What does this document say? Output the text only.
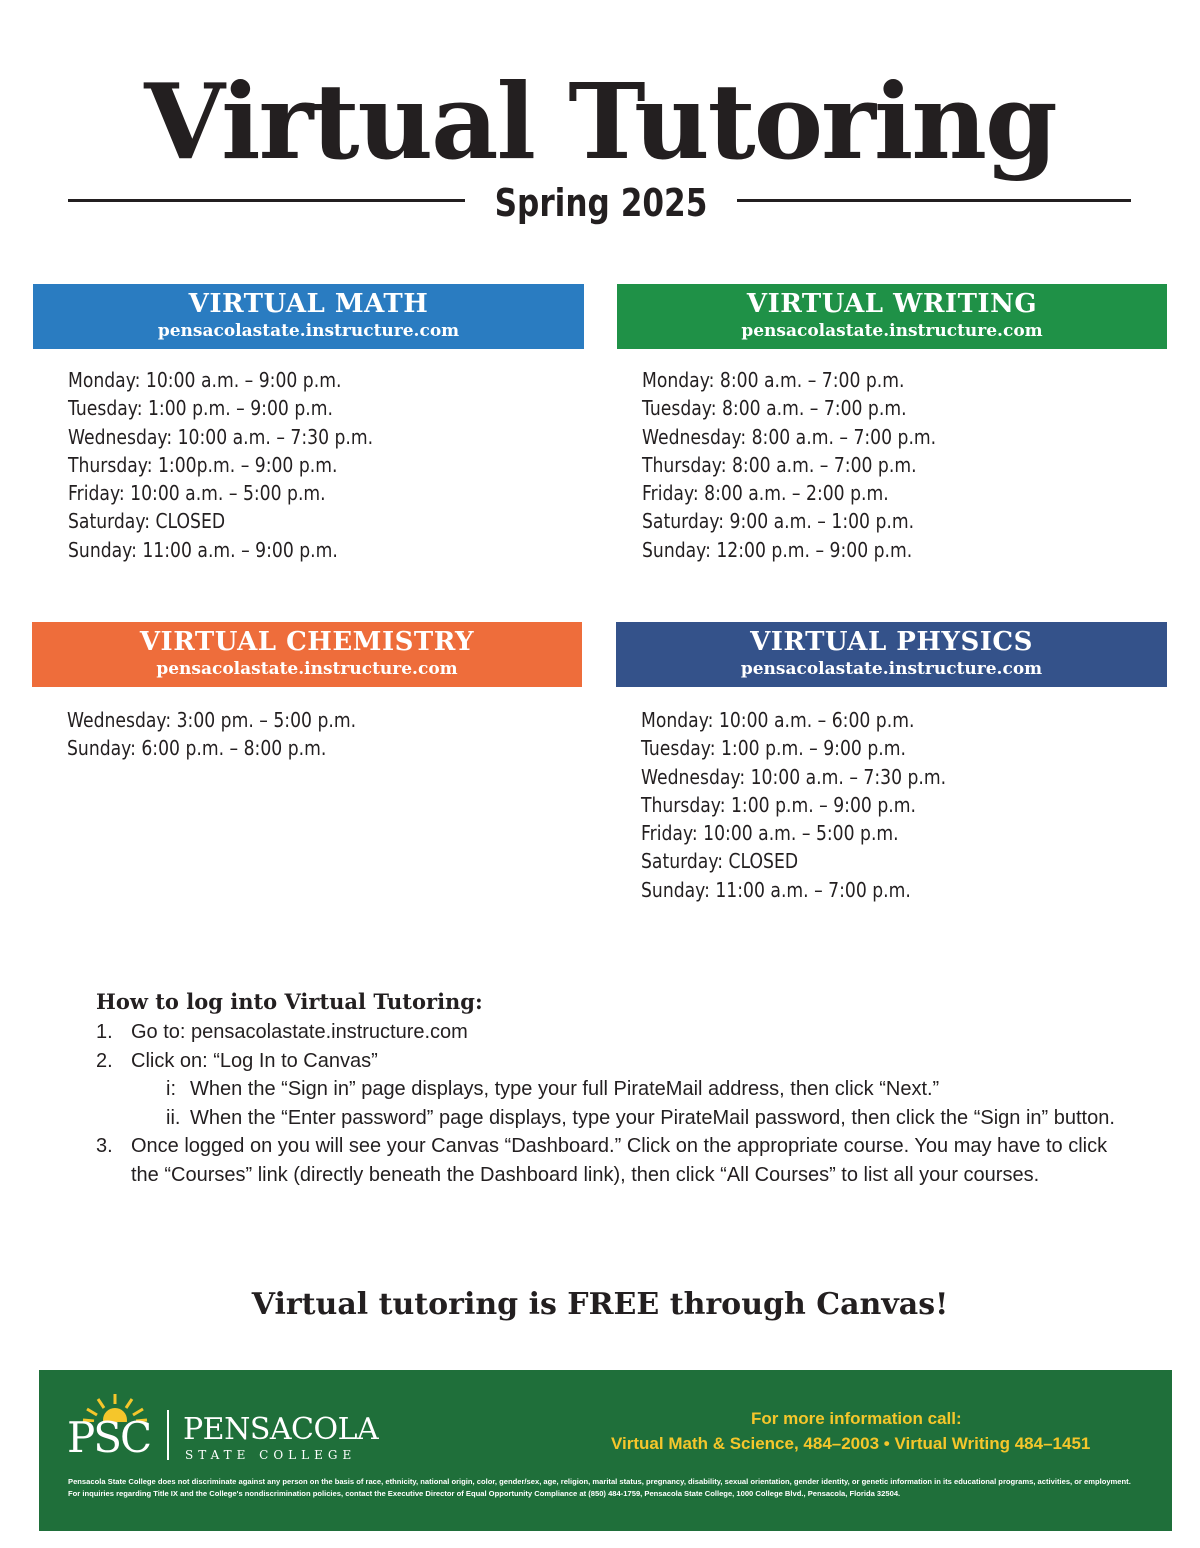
Virtual Tutoring
Spring 2025
VIRTUAL MATH
pensacolastate.instructure.com
Monday: 10:00 a.m. – 9:00 p.m.
Tuesday: 1:00 p.m. – 9:00 p.m.
Wednesday: 10:00 a.m. – 7:30 p.m.
Thursday: 1:00p.m. – 9:00 p.m.
Friday: 10:00 a.m. – 5:00 p.m.
Saturday: CLOSED
Sunday: 11:00 a.m. – 9:00 p.m.
VIRTUAL WRITING
pensacolastate.instructure.com
Monday: 8:00 a.m. – 7:00 p.m.
Tuesday: 8:00 a.m. – 7:00 p.m.
Wednesday: 8:00 a.m. – 7:00 p.m.
Thursday: 8:00 a.m. – 7:00 p.m.
Friday: 8:00 a.m. – 2:00 p.m.
Saturday: 9:00 a.m. – 1:00 p.m.
Sunday: 12:00 p.m. – 9:00 p.m.
VIRTUAL CHEMISTRY
pensacolastate.instructure.com
Wednesday: 3:00 pm. – 5:00 p.m.
Sunday: 6:00 p.m. – 8:00 p.m.
VIRTUAL PHYSICS
pensacolastate.instructure.com
Monday: 10:00 a.m. – 6:00 p.m.
Tuesday: 1:00 p.m. – 9:00 p.m.
Wednesday: 10:00 a.m. – 7:30 p.m.
Thursday: 1:00 p.m. – 9:00 p.m.
Friday: 10:00 a.m. – 5:00 p.m.
Saturday: CLOSED
Sunday: 11:00 a.m. – 7:00 p.m.
How to log into Virtual Tutoring:
1. Go to: pensacolastate.instructure.com
2. Click on: “Log In to Canvas”
i: When the “Sign in” page displays, type your full PirateMail address, then click “Next.”
ii. When the “Enter password” page displays, type your PirateMail password, then click the “Sign in” button.
3. Once logged on you will see your Canvas “Dashboard.” Click on the appropriate course. You may have to click the “Courses” link (directly beneath the Dashboard link), then click “All Courses” to list all your courses.
Virtual tutoring is FREE through Canvas!
PSC PENSACOLA
STATE COLLEGE
For more information call:
Virtual Math & Science, 484–2003 • Virtual Writing 484–1451
Pensacola State College does not discriminate against any person on the basis of race, ethnicity, national origin, color, gender/sex, age, religion, marital status, pregnancy, disability, sexual orientation, gender identity, or genetic information in its educational programs, activities, or employment. For inquiries regarding Title IX and the College's nondiscrimination policies, contact the Executive Director of Equal Opportunity Compliance at (850) 484-1759, Pensacola State College, 1000 College Blvd., Pensacola, Florida 32504.
